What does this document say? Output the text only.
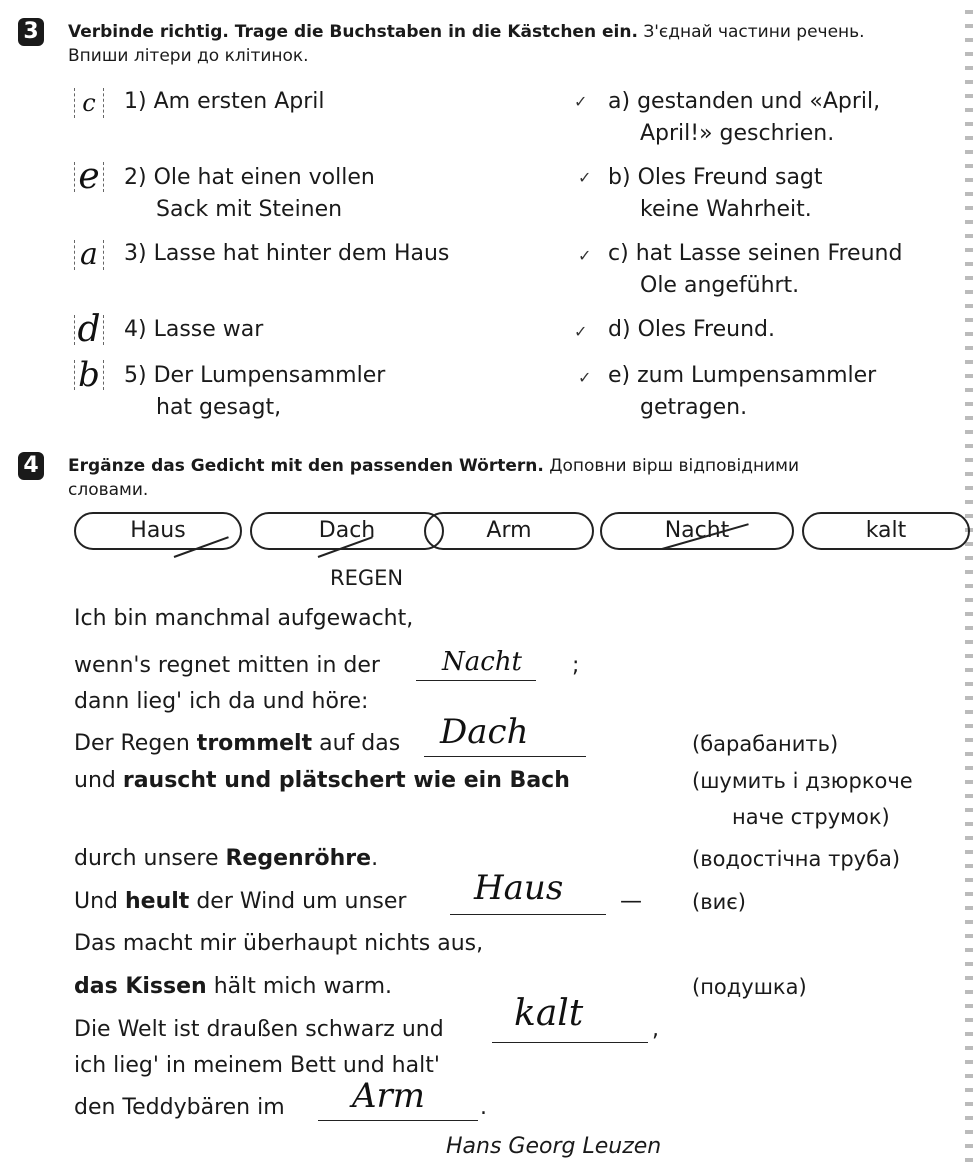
3	Verbinde richtig. Trage die Buchstaben in die Kästchen ein. З'єднай частини речень.
Впиши літери до клітинок.
c	1) Am ersten April
e 2) Ole hat einen vollen
Sack mit Steinen
a 3) Lasse hat hinter dem Haus
d 4) Lasse war
b 5) Der Lumpensammler
hat gesagt,
✓ a) gestanden und «April,
April!» geschrien.
✓ b) Oles Freund sagt
keine Wahrheit.
✓ c) hat Lasse seinen Freund
Ole angeführt.
✓ d) Oles Freund.
✓ e) zum Lumpensammler
getragen.
4	Ergänze das Gedicht mit den passenden Wörtern. Доповни вірш відповідними
словами.
Haus	Dach	Arm	Nacht	kalt
REGEN
Ich bin manchmal aufgewacht,
wenn's regnet mitten in der Nacht ;
dann lieg' ich da und höre:
Der Regen trommelt auf das Dach	(барабанить)
und rauscht und plätschert wie ein Bach	(шумить і дзюркоче
наче струмок)
durch unsere Regenröhre.	(водостічна труба)
Und heult der Wind um unser Haus	— (виє)
Das macht mir überhaupt nichts aus,
das Kissen hält mich warm.	(подушка)
Die Welt ist draußen schwarz und kalt	,
ich lieg' in meinem Bett und halt'
den Teddybären im Arm .
Hans Georg Leuzen
